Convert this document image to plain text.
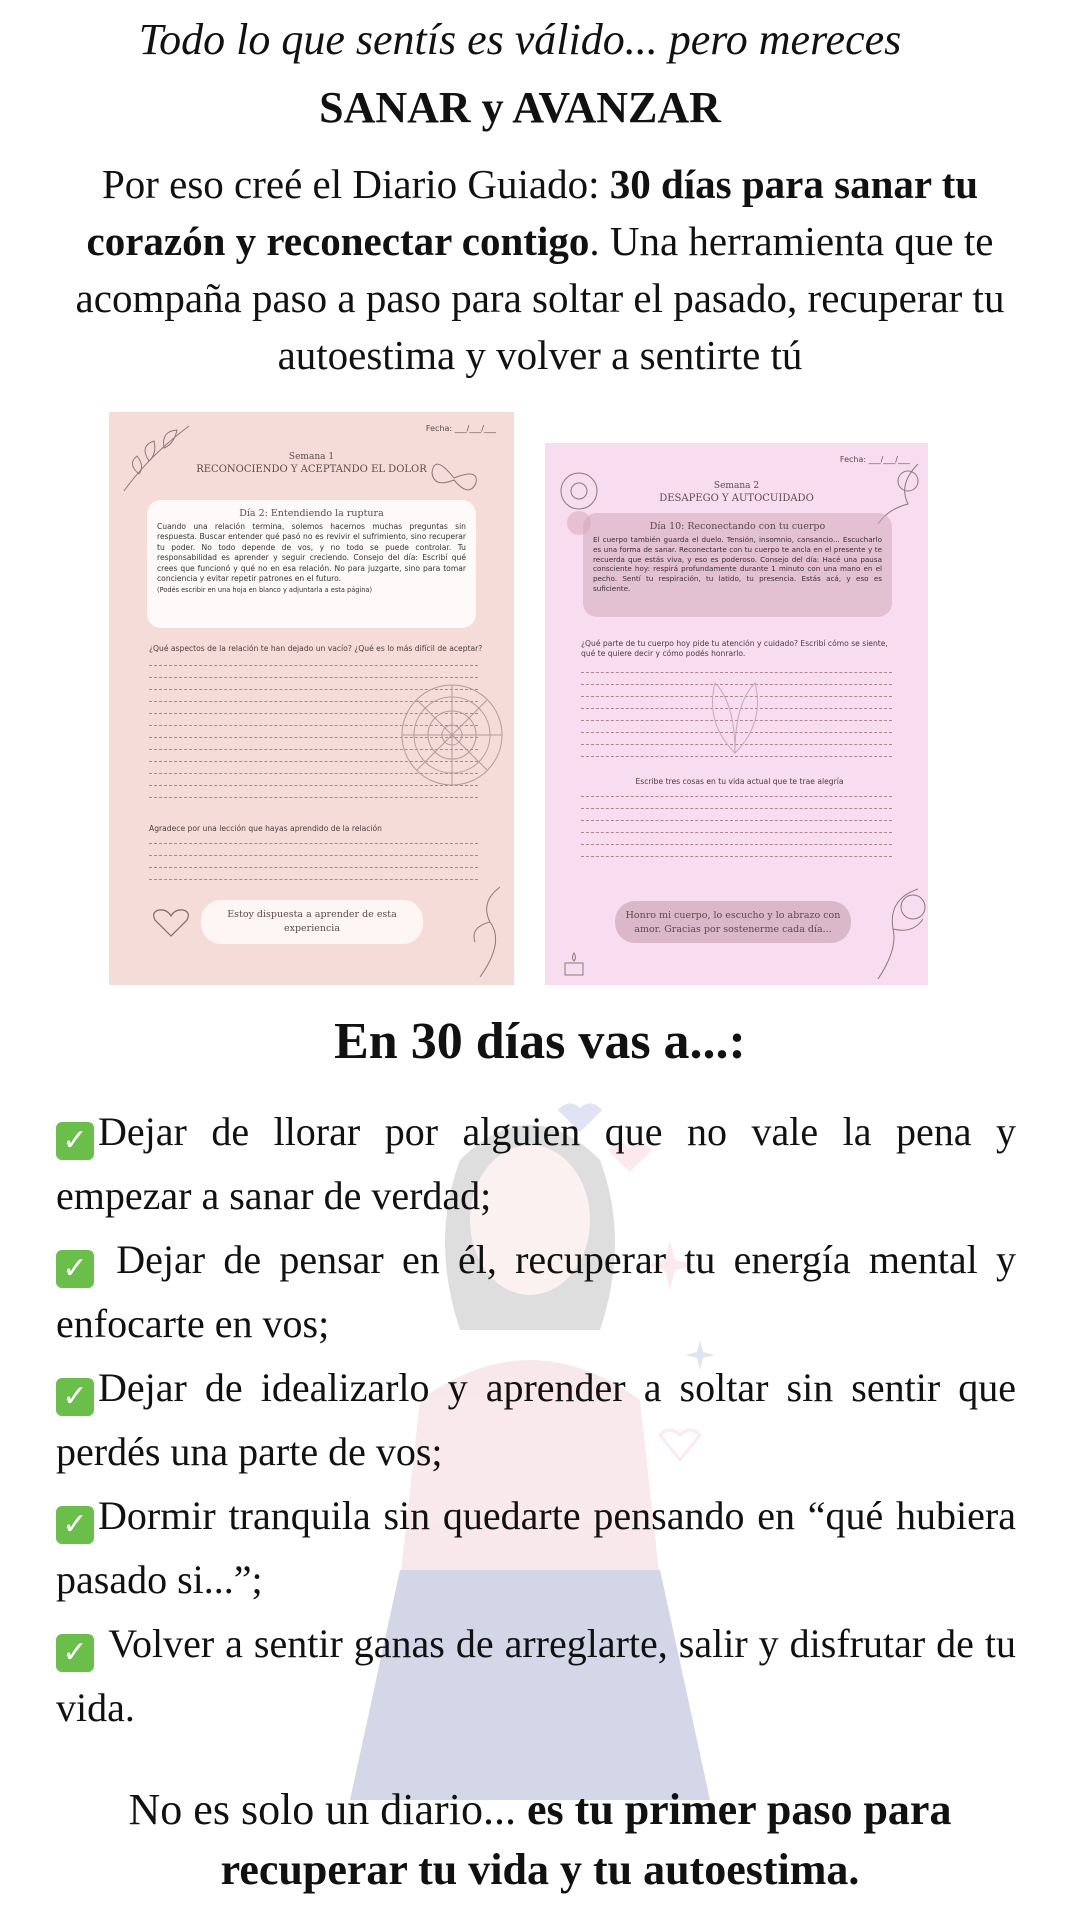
Todo lo que sentís es válido... pero mereces
SANAR y AVANZAR
Por eso creé el Diario Guiado: 30 días para sanar tu corazón y reconectar contigo. Una herramienta que te acompaña paso a paso para soltar el pasado, recuperar tu autoestima y volver a sentirte tú
Fecha: ___/___/___
Semana 1
RECONOCIENDO Y ACEPTANDO EL DOLOR
Día 2: Entendiendo la ruptura
Cuando una relación termina, solemos hacernos muchas preguntas sin respuesta. Buscar entender qué pasó no es revivir el sufrimiento, sino recuperar tu poder. No todo depende de vos, y no todo se puede controlar. Tu responsabilidad es aprender y seguir creciendo. Consejo del día: Escribí qué crees que funcionó y qué no en esa relación. No para juzgarte, sino para tomar conciencia y evitar repetir patrones en el futuro.
(Podés escribir en una hoja en blanco y adjuntarla a esta página)
¿Qué aspectos de la relación te han dejado un vacío? ¿Qué es lo más difícil de aceptar?
Agradece por una lección que hayas aprendido de la relación
Estoy dispuesta a aprender de esta experiencia
Fecha: ___/___/___
Semana 2
DESAPEGO Y AUTOCUIDADO
Día 10: Reconectando con tu cuerpo
El cuerpo también guarda el duelo. Tensión, insomnio, cansancio... Escucharlo es una forma de sanar. Reconectarte con tu cuerpo te ancla en el presente y te recuerda que estás viva, y eso es poderoso. Consejo del día: Hacé una pausa consciente hoy: respirá profundamente durante 1 minuto con una mano en el pecho. Sentí tu respiración, tu latido, tu presencia. Estás acá, y eso es suficiente.
¿Qué parte de tu cuerpo hoy pide tu atención y cuidado? Escribí cómo se siente, qué te quiere decir y cómo podés honrarlo.
Escribe tres cosas en tu vida actual que te trae alegría
Honro mi cuerpo, lo escucho y lo abrazo con amor. Gracias por sostenerme cada día...
En 30 días vas a...:

✓ Dejar de llorar por alguien que no vale la pena y empezar a sanar de verdad;

✓ Dejar de pensar en él, recuperar tu energía mental y enfocarte en vos;

✓ Dejar de idealizarlo y aprender a soltar sin sentir que perdés una parte de vos;

✓ Dormir tranquila sin quedarte pensando en “qué hubiera pasado si...”;

✓ Volver a sentir ganas de arreglarte, salir y disfrutar de tu vida.

No es solo un diario... es tu primer paso para recuperar tu vida y tu autoestima.
